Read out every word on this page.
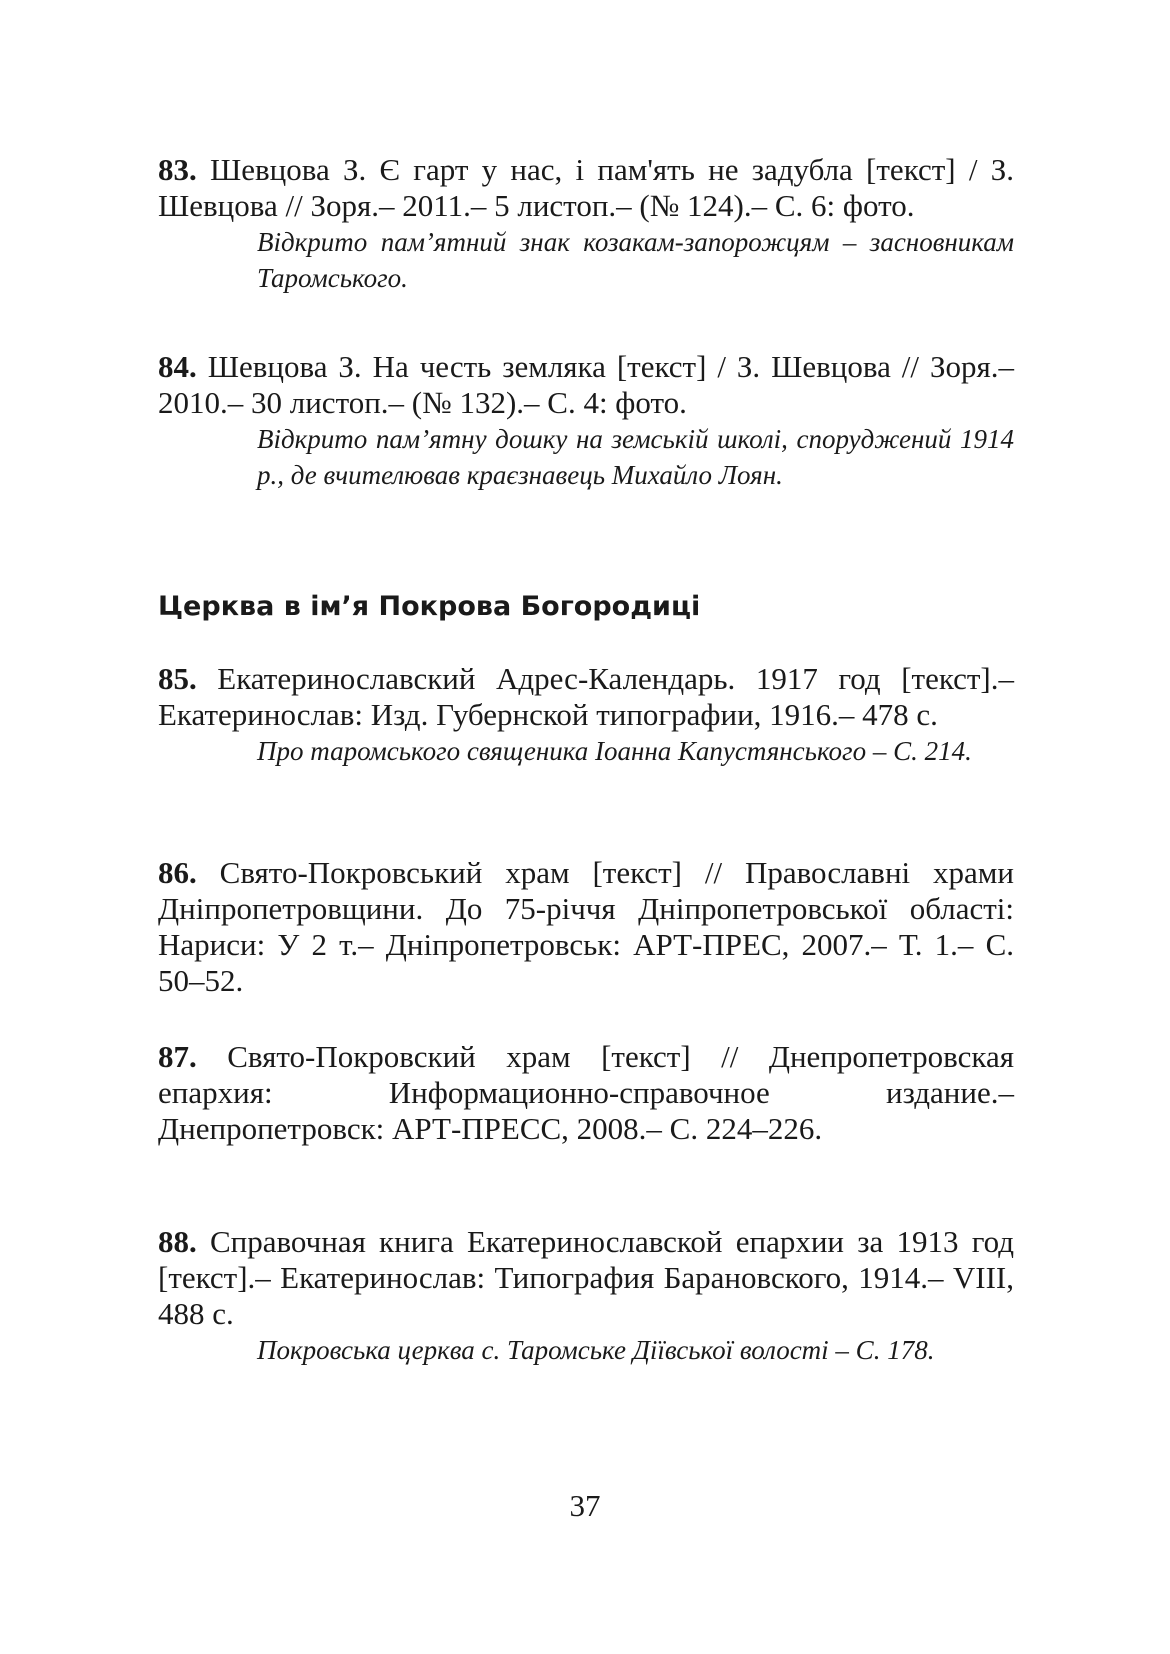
83. Шевцова З. Є гарт у нас, і пам'ять не задубла [текст] / З. Шевцова // Зоря.– 2011.– 5 листоп.– (№ 124).– С. 6: фото.

Відкрито пам’ятний знак козакам-запорожцям – засновникам Таромського.

84. Шевцова З. На честь земляка [текст] / З. Шевцова // Зоря.– 2010.– 30 листоп.– (№ 132).– С. 4: фото.

Відкрито пам’ятну дошку на земській школі, споруджений 1914 р., де вчителював краєзнавець Михайло Лоян.

Церква в ім’я Покрова Богородиці

85. Екатеринославский Адрес-Календарь. 1917 год [текст].– Екатеринослав: Изд. Губернской типографии, 1916.– 478 с.

Про таромського священика Іоанна Капустянського – С. 214.

86. Свято-Покровський храм [текст] // Православні храми Дніпропетровщини. До 75-річчя Дніпропетровської області: Нариси: У 2 т.– Дніпропетровськ: АРТ-ПРЕС, 2007.– Т. 1.– С. 50–52.

87. Свято-Покровский храм [текст] // Днепропетровская епархия: Информационно-справочное издание.– Днепропетровск: АРТ-ПРЕСС, 2008.– С. 224–226.

88. Справочная книга Екатеринославской епархии за 1913 год [текст].– Екатеринослав: Типография Барановского, 1914.– VIII, 488 с.

Покровська церква с. Таромське Діївської волості – С. 178.

37
